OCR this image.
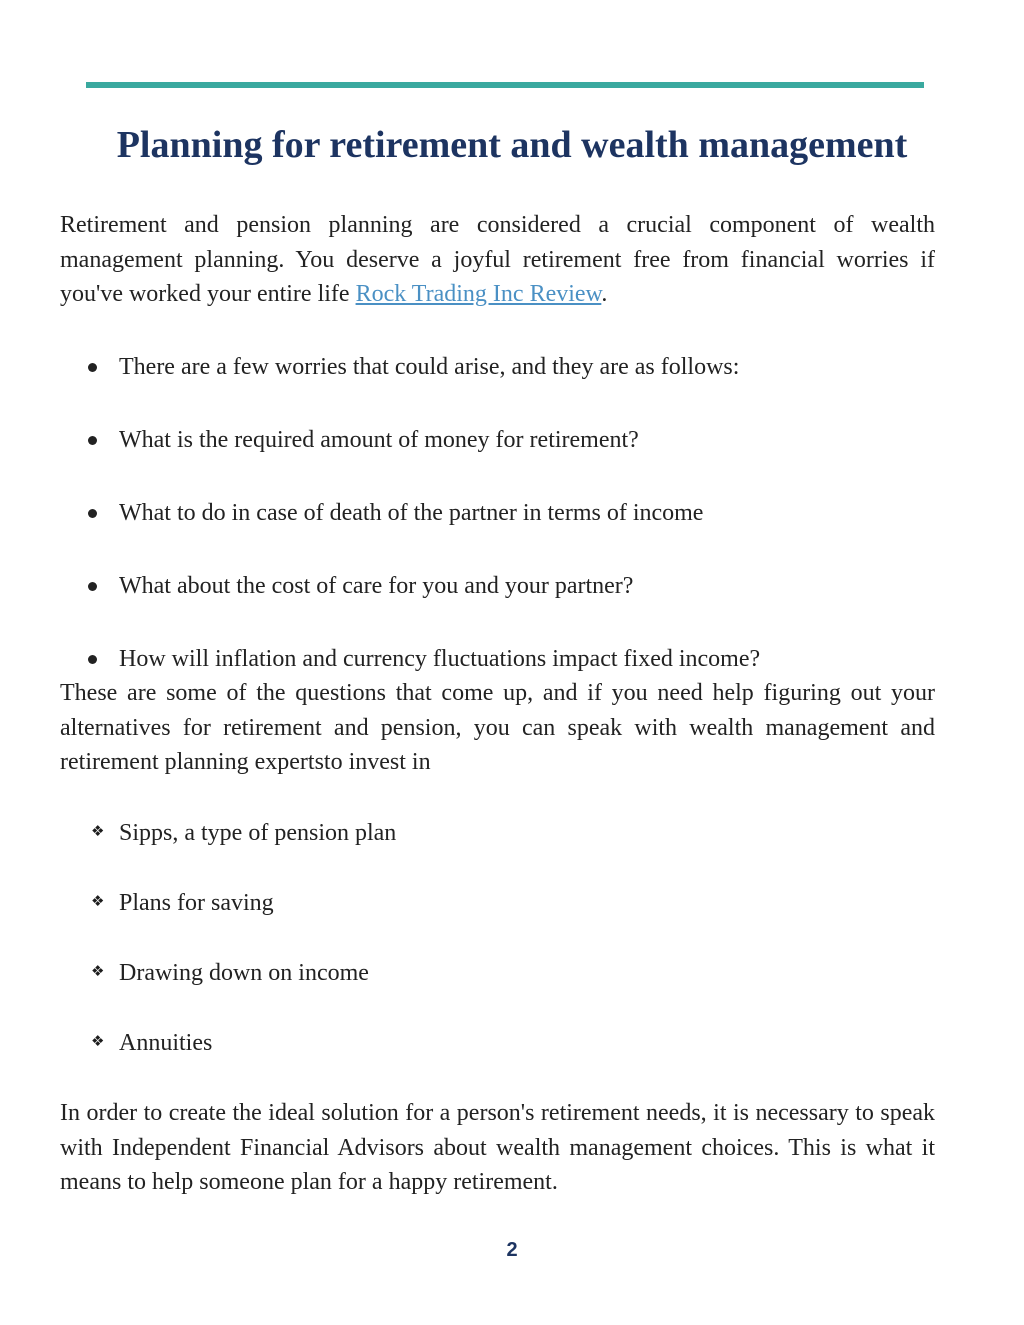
Planning for retirement and wealth management

Retirement and pension planning are considered a crucial component of wealth management planning. You deserve a joyful retirement free from financial worries if you've worked your entire life Rock Trading Inc Review.

There are a few worries that could arise, and they are as follows:
What is the required amount of money for retirement?
What to do in case of death of the partner in terms of income
What about the cost of care for you and your partner?
How will inflation and currency fluctuations impact fixed income?

These are some of the questions that come up, and if you need help figuring out your alternatives for retirement and pension, you can speak with wealth management and retirement planning expertsto invest in

❖ Sipps, a type of pension plan
❖ Plans for saving
❖ Drawing down on income
❖ Annuities

In order to create the ideal solution for a person's retirement needs, it is necessary to speak with Independent Financial Advisors about wealth management choices. This is what it means to help someone plan for a happy retirement.

2
